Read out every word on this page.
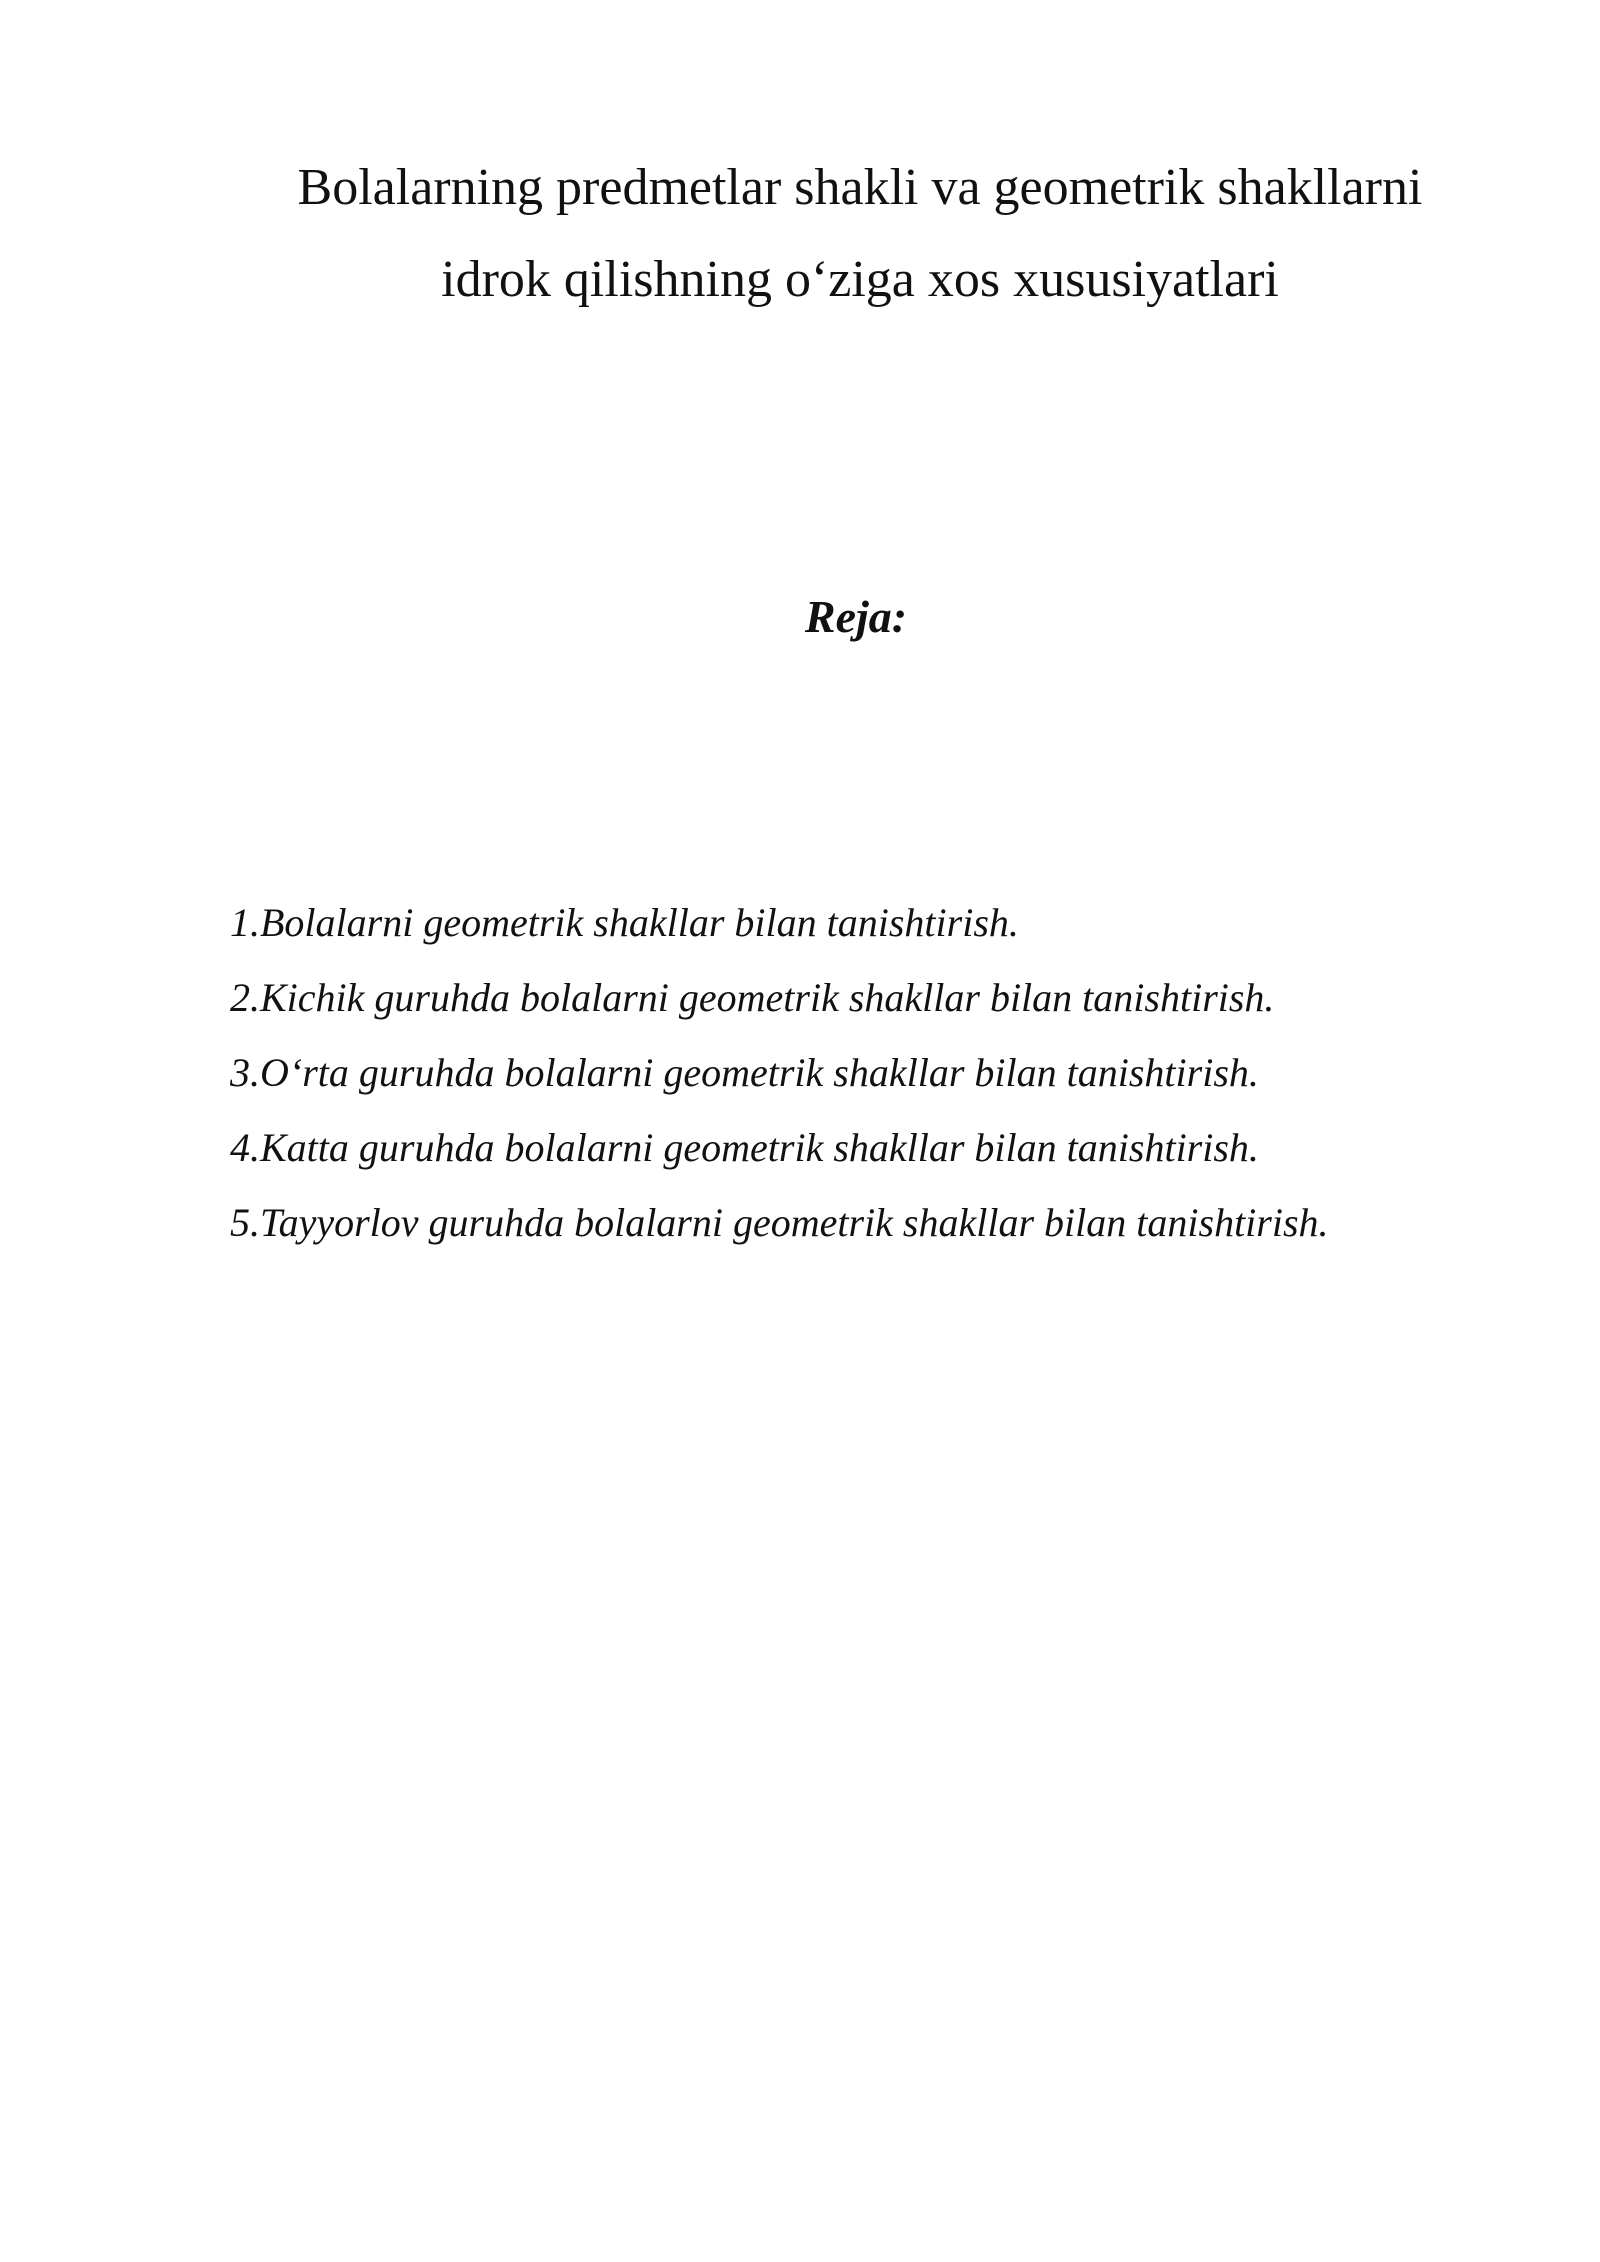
Bolalarning predmetlar shakli va geometrik shakllarni
idrok qilishning o‘ziga xos xususiyatlari
Reja:
1.Bolalarni geometrik shakllar bilan tanishtirish.
2.Kichik guruhda bolalarni geometrik shakllar bilan tanishtirish.
3.O‘rta guruhda bolalarni geometrik shakllar bilan tanishtirish.
4.Katta guruhda bolalarni geometrik shakllar bilan tanishtirish.
5.Tayyorlov guruhda bolalarni geometrik shakllar bilan tanishtirish.
